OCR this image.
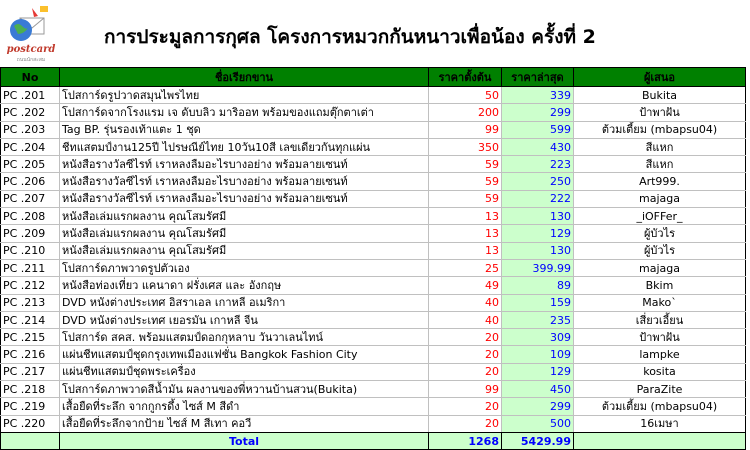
postcard
ถนนนักสะสม
การประมูลการกุศล โครงการหมวกกันหนาวเพื่อน้อง ครั้งที่ 2
No	ชื่อเรียกขาน	ราคาตั้งต้น	ราคาล่าสุด	ผู้เสนอ
PC .201	โปสการ์ดรูปวาดสมุนไพรไทย	50	339	Bukita
PC .202	โปสการ์ดจากโรงแรม เจ ดับบลิว มาริออท พร้อมของแถมตุ๊กตาเต่า	200	299	ป้าพาฝัน
PC .203	Tag BP. รุ่นรองเท้าแตะ 1 ชุด	99	599	ต้วมเตี้ยม (mbapsu04)
PC .204	ชีทแสตมป์งาน125ปี ไปรษณีย์ไทย 10วัน10สี เลขเดียวกันทุกแผ่น	350	430	สีแหก
PC .205	หนังสือรางวัลซีไรท์ เราหลงลืมอะไรบางอย่าง พร้อมลายเซนท์	59	223	สีแหก
PC .206	หนังสือรางวัลซีไรท์ เราหลงลืมอะไรบางอย่าง พร้อมลายเซนท์	59	250	Art999.
PC .207	หนังสือรางวัลซีไรท์ เราหลงลืมอะไรบางอย่าง พร้อมลายเซนท์	59	222	majaga
PC .208	หนังสือเล่มแรกผลงาน คุณโสมรัศมี	13	130	_iOFFer_
PC .209	หนังสือเล่มแรกผลงาน คุณโสมรัศมี	13	129	ผู้บัวไร
PC .210	หนังสือเล่มแรกผลงาน คุณโสมรัศมี	13	130	ผู้บัวไร
PC .211	โปสการ์ดภาพวาดรูปตัวเอง	25	399.99	majaga
PC .212	หนังสือท่องเที่ยว แคนาดา ฝรั่งเศส และ อังกฤษ	49	89	Bkim
PC .213	DVD หนังต่างประเทศ อิสราเอล เกาหลี อเมริกา	40	159	Mako`
PC .214	DVD หนังต่างประเทศ เยอรมัน เกาหลี จีน	40	235	เสี่ยวเอี้ยน
PC .215	โปสการ์ด สคส. พร้อมแสตมป์ดอกกุหลาบ วันวาเลนไทน์	20	309	ป้าพาฝัน
PC .216	แผ่นชีทแสตมป์ชุดกรุงเทพเมืองแฟชั่น Bangkok Fashion City	20	109	lampke
PC .217	แผ่นชีทแสตมป์ชุดพระเครื่อง	20	129	kosita
PC .218	โปสการ์ดภาพวาดสีน้ำมัน ผลงานของพี่หวานบ้านสวน(Bukita)	99	450	ParaZite
PC .219	เสื้อยืดที่ระลึก จากกูกรดึ้ง ไซส์ M สีดำ	20	299	ต้วมเตี้ยม (mbapsu04)
PC .220	เสื้อยืดที่ระลึกจากป้าย ไซส์ M สีเทา คอวี	20	500	16เมษา
	Total	1268	5429.99	
